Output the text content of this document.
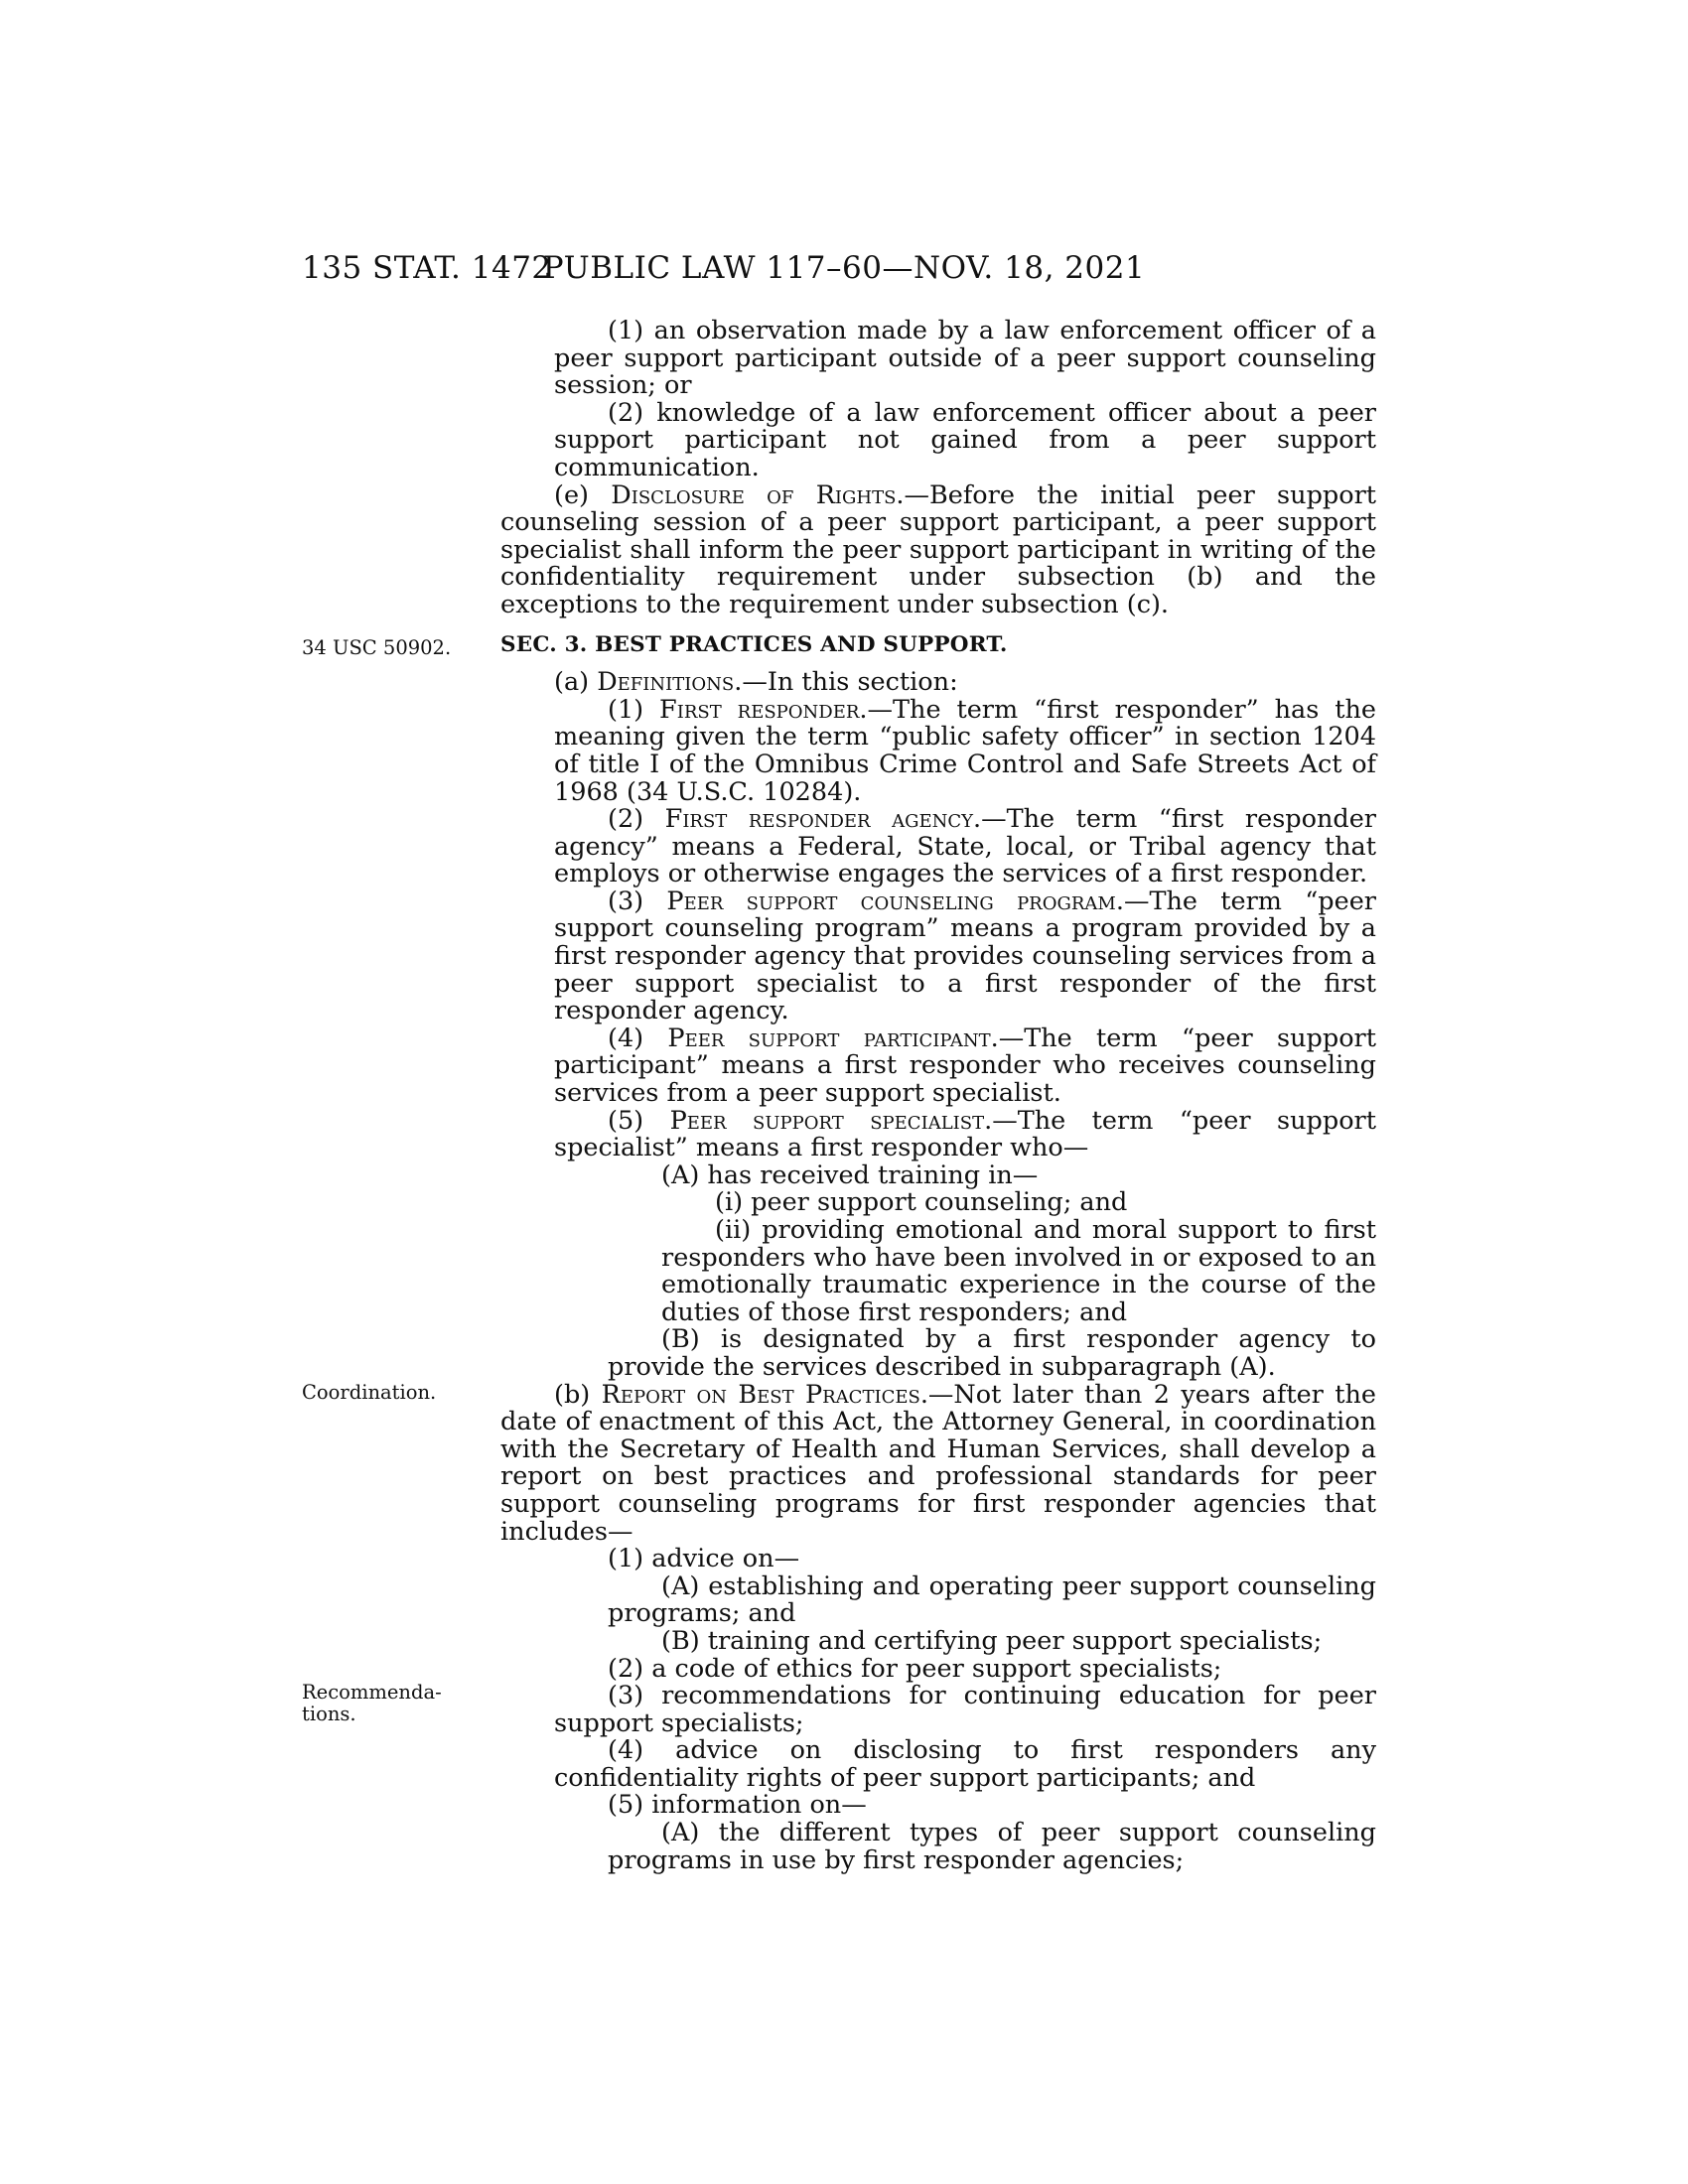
135 STAT. 1472
PUBLIC LAW 117–60—NOV. 18, 2021
34 USC 50902.
Coordination.
Recommenda-
tions.

(1) an observation made by a law enforcement officer of a peer support participant outside of a peer support counseling session; or

(2) knowledge of a law enforcement officer about a peer support participant not gained from a peer support communication.

(e) Disclosure of Rights.—Before the initial peer support counseling session of a peer support participant, a peer support specialist shall inform the peer support participant in writing of the confidentiality requirement under subsection (b) and the exceptions to the requirement under subsection (c).

SEC. 3. BEST PRACTICES AND SUPPORT.

(a) Definitions.—In this section:

(1) First responder.—The term “first responder” has the meaning given the term “public safety officer” in section 1204 of title I of the Omnibus Crime Control and Safe Streets Act of 1968 (34 U.S.C. 10284).

(2) First responder agency.—The term “first responder agency” means a Federal, State, local, or Tribal agency that employs or otherwise engages the services of a first responder.

(3) Peer support counseling program.—The term “peer support counseling program” means a program provided by a first responder agency that provides counseling services from a peer support specialist to a first responder of the first responder agency.

(4) Peer support participant.—The term “peer support participant” means a first responder who receives counseling services from a peer support specialist.

(5) Peer support specialist.—The term “peer support specialist” means a first responder who—

(A) has received training in—

(i) peer support counseling; and

(ii) providing emotional and moral support to first responders who have been involved in or exposed to an emotionally traumatic experience in the course of the duties of those first responders; and

(B) is designated by a first responder agency to provide the services described in subparagraph (A).

(b) Report on Best Practices.—Not later than 2 years after the date of enactment of this Act, the Attorney General, in coordination with the Secretary of Health and Human Services, shall develop a report on best practices and professional standards for peer support counseling programs for first responder agencies that includes—

(1) advice on—

(A) establishing and operating peer support counseling programs; and

(B) training and certifying peer support specialists;

(2) a code of ethics for peer support specialists;

(3) recommendations for continuing education for peer support specialists;

(4) advice on disclosing to first responders any confidentiality rights of peer support participants; and

(5) information on—

(A) the different types of peer support counseling programs in use by first responder agencies;
